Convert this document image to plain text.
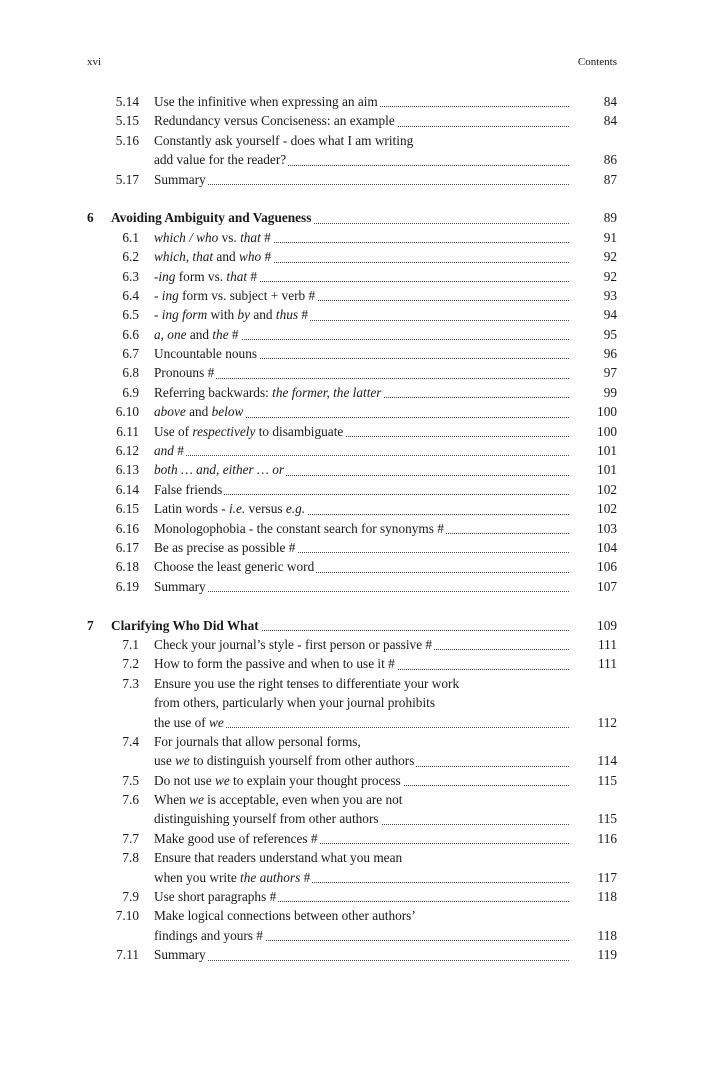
xvi	Contents
5.14 Use the infinitive when expressing an aim	84
5.15 Redundancy versus Conciseness: an example	84
5.16 Constantly ask yourself - does what I am writing
add value for the reader?	86
5.17 Summary	87
6	Avoiding Ambiguity and Vagueness	89
6.1 which / who vs. that #	91
6.2 which, that and who #	92
6.3 -ing form vs. that #	92
6.4 - ing form vs. subject + verb #	93
6.5 - ing form with by and thus #	94
6.6 a, one and the #	95
6.7 Uncountable nouns	96
6.8 Pronouns #	97
6.9 Referring backwards: the former, the latter	99
6.10 above and below	100
6.11 Use of respectively to disambiguate	100
6.12 and #	101
6.13 both … and, either … or	101
6.14 False friends	102
6.15 Latin words - i.e. versus e.g.	102
6.16 Monologophobia - the constant search for synonyms #	103
6.17 Be as precise as possible #	104
6.18 Choose the least generic word	106
6.19 Summary	107
7	Clarifying Who Did What	109
7.1 Check your journal’s style - first person or passive #	111
7.2 How to form the passive and when to use it #	111
7.3 Ensure you use the right tenses to differentiate your work
from others, particularly when your journal prohibits
the use of we	112
7.4 For journals that allow personal forms,
use we to distinguish yourself from other authors	114
7.5 Do not use we to explain your thought process	115
7.6 When we is acceptable, even when you are not
distinguishing yourself from other authors	115
7.7 Make good use of references #	116
7.8 Ensure that readers understand what you mean
when you write the authors #	117
7.9 Use short paragraphs #	118
7.10 Make logical connections between other authors’
findings and yours #	118
7.11 Summary	119
